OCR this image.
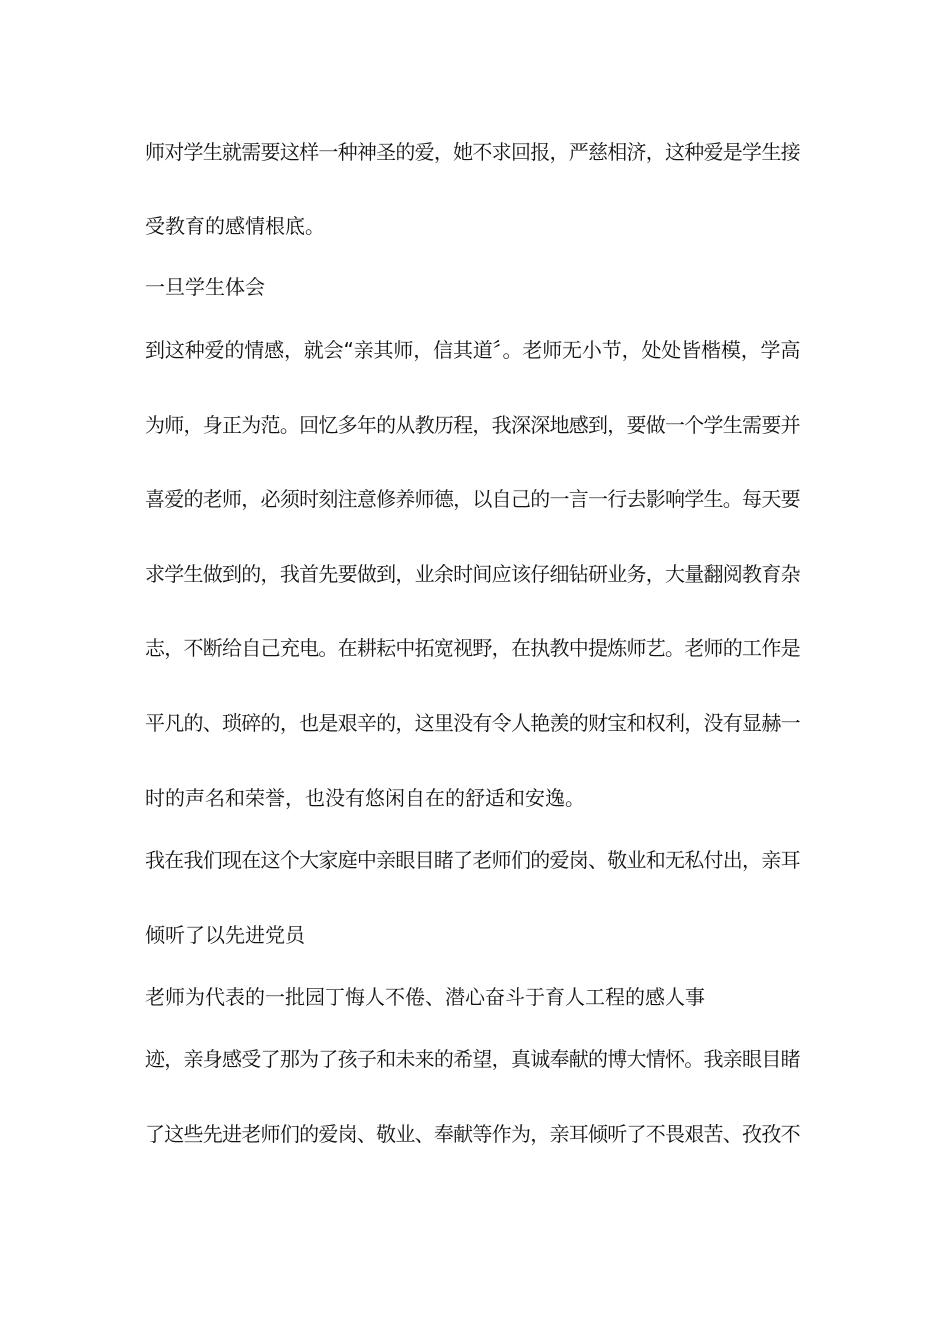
师对学生就需要这样一种神圣的爱，她不求回报，严慈相济，这种爱是学生接

受教育的感情根底。

一旦学生体会

到这种爱的情感，就会“亲其师，信其道〞。老师无小节，处处皆楷模，学高

为师，身正为范。回忆多年的从教历程，我深深地感到，要做一个学生需要并

喜爱的老师，必须时刻注意修养师德，以自己的一言一行去影响学生。每天要

求学生做到的，我首先要做到，业余时间应该仔细钻研业务，大量翻阅教育杂

志，不断给自己充电。在耕耘中拓宽视野，在执教中提炼师艺。老师的工作是

平凡的、琐碎的，也是艰辛的，这里没有令人艳羡的财宝和权利，没有显赫一

时的声名和荣誉，也没有悠闲自在的舒适和安逸。

我在我们现在这个大家庭中亲眼目睹了老师们的爱岗、敬业和无私付出，亲耳

倾听了以先进党员

老师为代表的一批园丁悔人不倦、潜心奋斗于育人工程的感人事

迹，亲身感受了那为了孩子和未来的希望，真诚奉献的博大情怀。我亲眼目睹

了这些先进老师们的爱岗、敬业、奉献等作为，亲耳倾听了不畏艰苦、孜孜不
